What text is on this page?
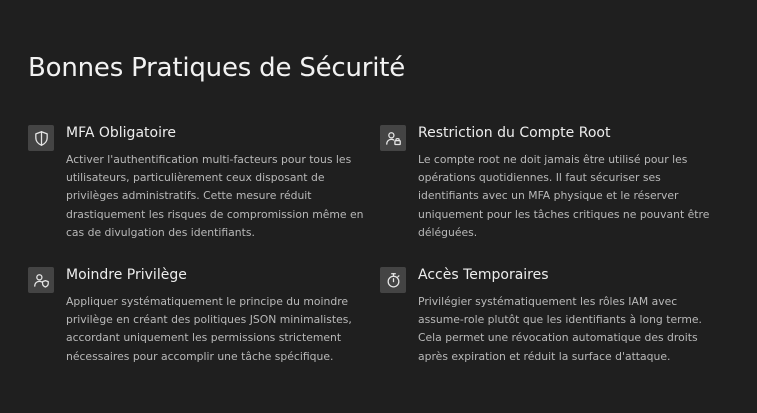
Bonnes Pratiques de Sécurité
MFA Obligatoire
Activer l'authentification multi-facteurs pour tous les utilisateurs, particulièrement ceux disposant de privilèges administratifs. Cette mesure réduit drastiquement les risques de compromission même en cas de divulgation des identifiants.
Restriction du Compte Root
Le compte root ne doit jamais être utilisé pour les opérations quotidiennes. Il faut sécuriser ses identifiants avec un MFA physique et le réserver uniquement pour les tâches critiques ne pouvant être déléguées.
Moindre Privilège
Appliquer systématiquement le principe du moindre privilège en créant des politiques JSON minimalistes, accordant uniquement les permissions strictement nécessaires pour accomplir une tâche spécifique.
Accès Temporaires
Privilégier systématiquement les rôles IAM avec assume-role plutôt que les identifiants à long terme. Cela permet une révocation automatique des droits après expiration et réduit la surface d'attaque.
